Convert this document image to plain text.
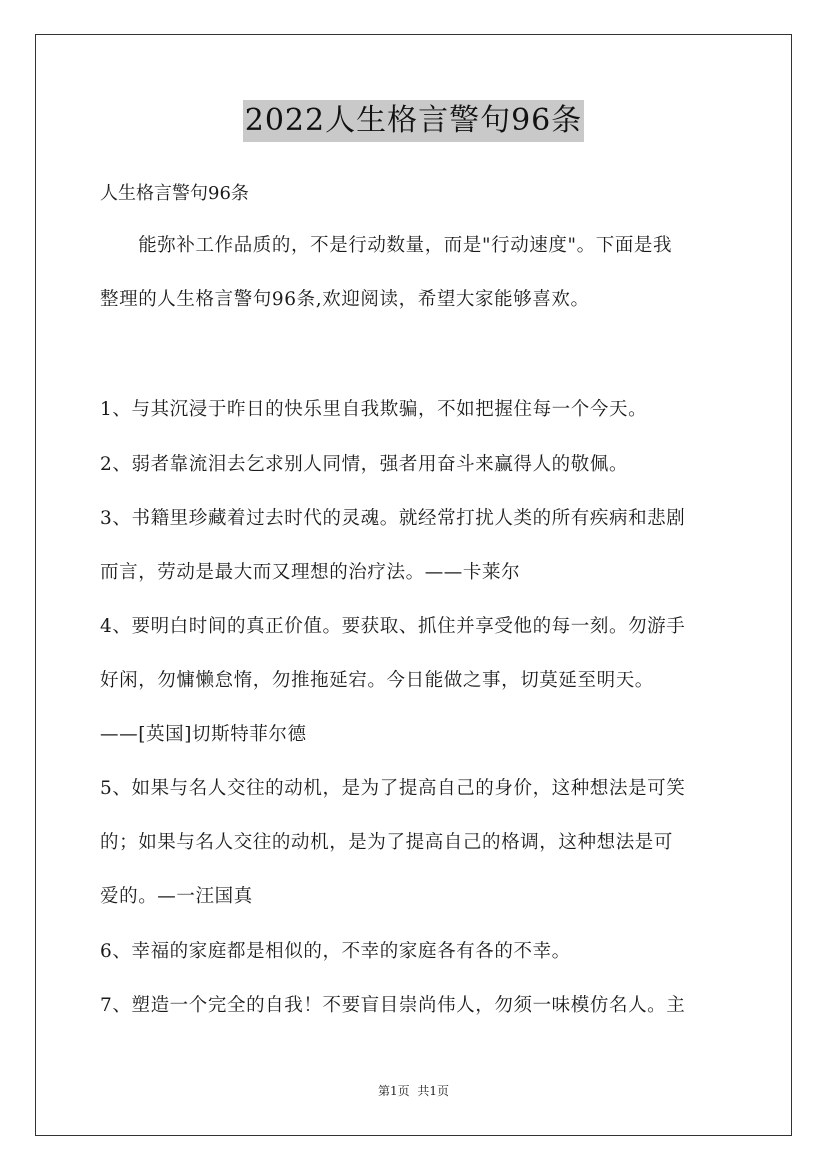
2022人生格言警句96条
人生格言警句96条
　　能弥补工作品质的，不是行动数量，而是"行动速度"。下面是我
整理的人生格言警句96条,欢迎阅读，希望大家能够喜欢。
1、与其沉浸于昨日的快乐里自我欺骗，不如把握住每一个今天。
2、弱者靠流泪去乞求别人同情，强者用奋斗来赢得人的敬佩。
3、书籍里珍藏着过去时代的灵魂。就经常打扰人类的所有疾病和悲剧
而言，劳动是最大而又理想的治疗法。——卡莱尔
4、要明白时间的真正价值。要获取、抓住并享受他的每一刻。勿游手
好闲，勿慵懒怠惰，勿推拖延宕。今日能做之事，切莫延至明天。
——[英国]切斯特菲尔德
5、如果与名人交往的动机，是为了提高自己的身价，这种想法是可笑
的；如果与名人交往的动机，是为了提高自己的格调，这种想法是可
爱的。—一汪国真
6、幸福的家庭都是相似的，不幸的家庭各有各的不幸。
7、塑造一个完全的自我！不要盲目崇尚伟人，勿须一味模仿名人。主
第1页 共1页
